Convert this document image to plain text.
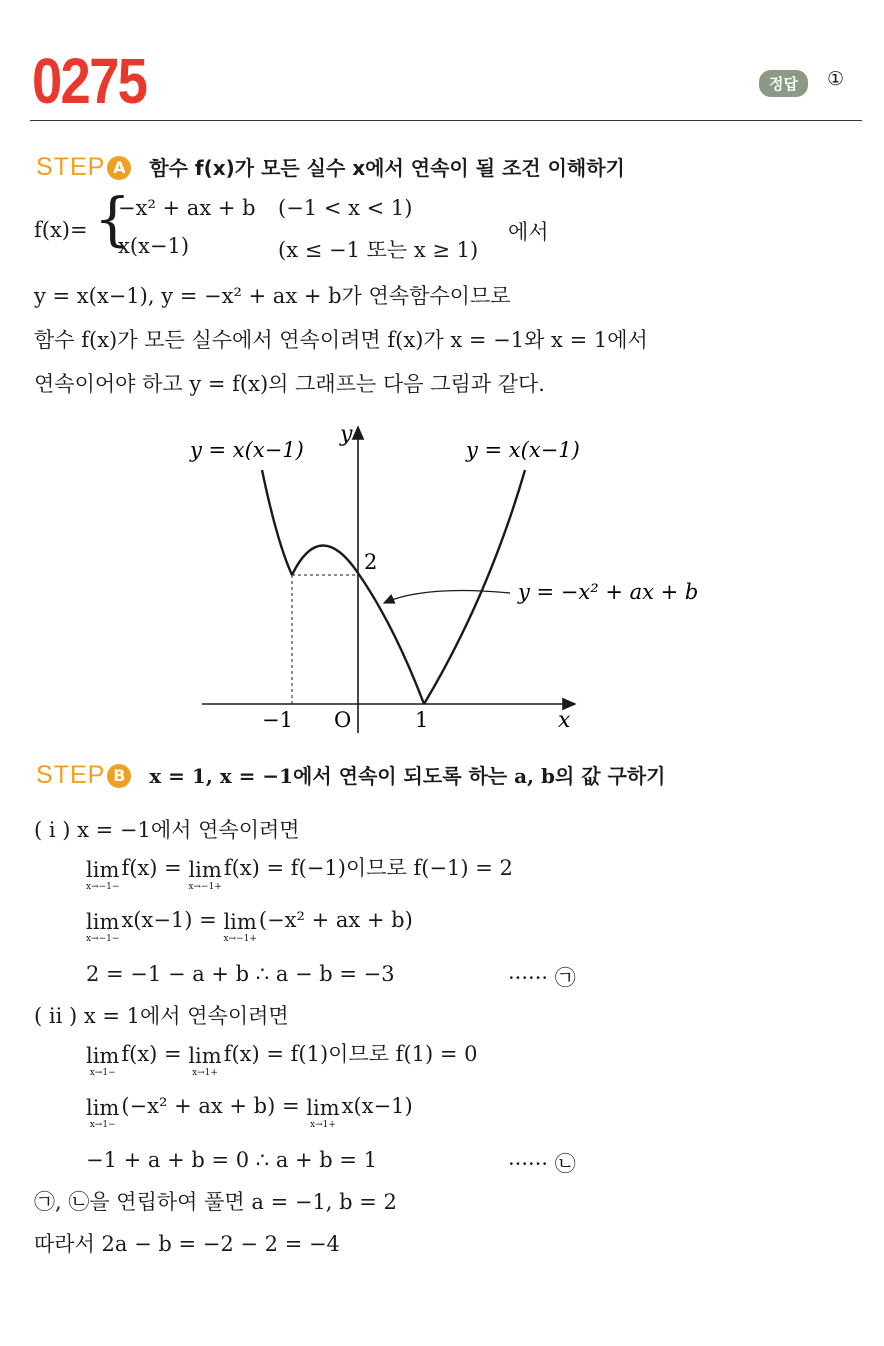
0275	정답	①
STEP A 함수 f(x)가 모든 실수 x에서 연속이 될 조건 이해하기
f(x)= {
−x² + ax + b (−1 < x < 1)
x(x−1)	(x ≤ −1 또는 x ≥ 1)
에서
y = x(x−1), y = −x² + ax + b가 연속함수이므로
함수 f(x)가 모든 실수에서 연속이려면 f(x)가 x = −1와 x = 1에서
연속이어야 하고 y = f(x)의 그래프는 다음 그림과 같다.
y
x
O
−1	1
2
y = x(x−1)	y = x(x−1)
y = −x² + ax + b
STEP B x = 1, x = −1에서 연속이 되도록 하는 a, b의 값 구하기
( i ) x = −1에서 연속이려면
lim
x→−1−
f(x) = lim
x→−1+
f(x) = f(−1)이므로 f(−1) = 2
lim
x→−1−
x(x−1) = lim
x→−1+
(−x² + ax + b)
2 = −1 − a + b ∴ a − b = −3	······ ㉠
( ii ) x = 1에서 연속이려면
lim
x→1−
f(x) = lim
x→1+
f(x) = f(1)이므로 f(1) = 0
lim
x→1−
(−x² + ax + b) = lim
x→1+
x(x−1)
−1 + a + b = 0 ∴ a + b = 1	······ ㉡
㉠, ㉡을 연립하여 풀면 a = −1, b = 2
따라서 2a − b = −2 − 2 = −4
